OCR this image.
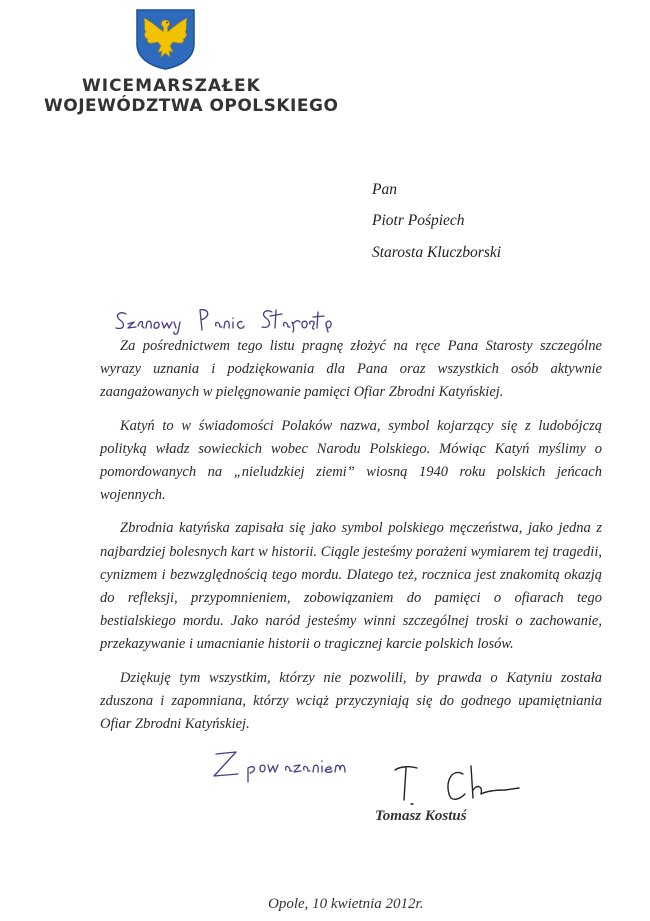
WICEMARSZAŁEK
WOJEWÓDZTWA OPOLSKIEGO
Pan
Piotr Pośpiech
Starosta Kluczborski

Za pośrednictwem tego listu pragnę złożyć na ręce Pana Starosty szczególne wyrazy uznania i podziękowania dla Pana oraz wszystkich osób aktywnie zaangażowanych w pielęgnowanie pamięci Ofiar Zbrodni Katyńskiej.

Katyń to w świadomości Polaków nazwa, symbol kojarzący się z ludobójczą polityką władz sowieckich wobec Narodu Polskiego. Mówiąc Katyń myślimy o pomordowanych na „nieludzkiej ziemi” wiosną 1940 roku polskich jeńcach wojennych.

Zbrodnia katyńska zapisała się jako symbol polskiego męczeństwa, jako jedna z najbardziej bolesnych kart w historii. Ciągle jesteśmy porażeni wymiarem tej tragedii, cynizmem i bezwzględnością tego mordu. Dlatego też, rocznica jest znakomitą okazją do refleksji, przypomnieniem, zobowiązaniem do pamięci o ofiarach tego bestialskiego mordu. Jako naród jesteśmy winni szczególnej troski o zachowanie, przekazywanie i umacnianie historii o tragicznej karcie polskich losów.

Dziękuję tym wszystkim, którzy nie pozwolili, by prawda o Katyniu została zduszona i zapomniana, którzy wciąż przyczyniają się do godnego upamiętniania Ofiar Zbrodni Katyńskiej.

Tomasz Kostuś
Opole, 10 kwietnia 2012r.
